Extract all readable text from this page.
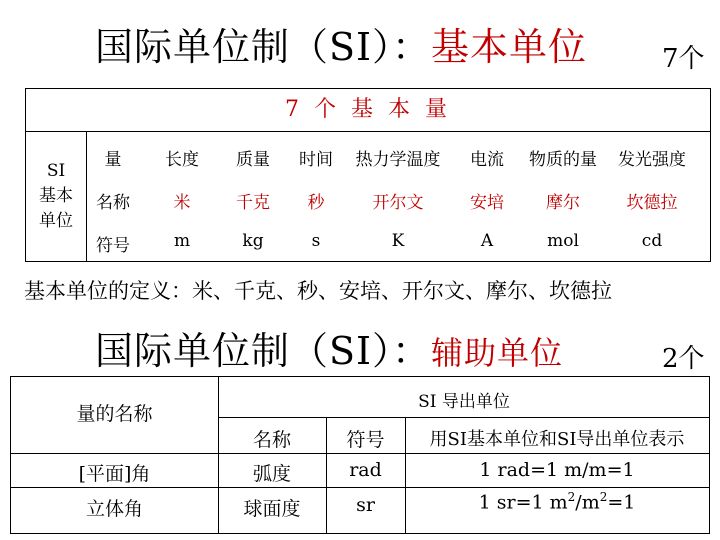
国际单位制（SI）：基本单位	7个
7 个 基 本 量
SI
基本
单位
量	长度	质量	时间	热力学温度	电流	物质的量	发光强度
名称	米	千克	秒	开尔文	安培	摩尔	坎德拉
符号	m	kg	s	K	A	mol	cd
基本单位的定义：米、千克、秒、安培、开尔文、摩尔、坎德拉
国际单位制（SI）：辅助单位	2个
量的名称
SI 导出单位
名称	符号	用SI基本单位和SI导出单位表示
[平面]角	弧度	rad	1 rad=1 m/m=1
立体角	球面度	sr	1 sr=1 $m^2/m^2=1$
